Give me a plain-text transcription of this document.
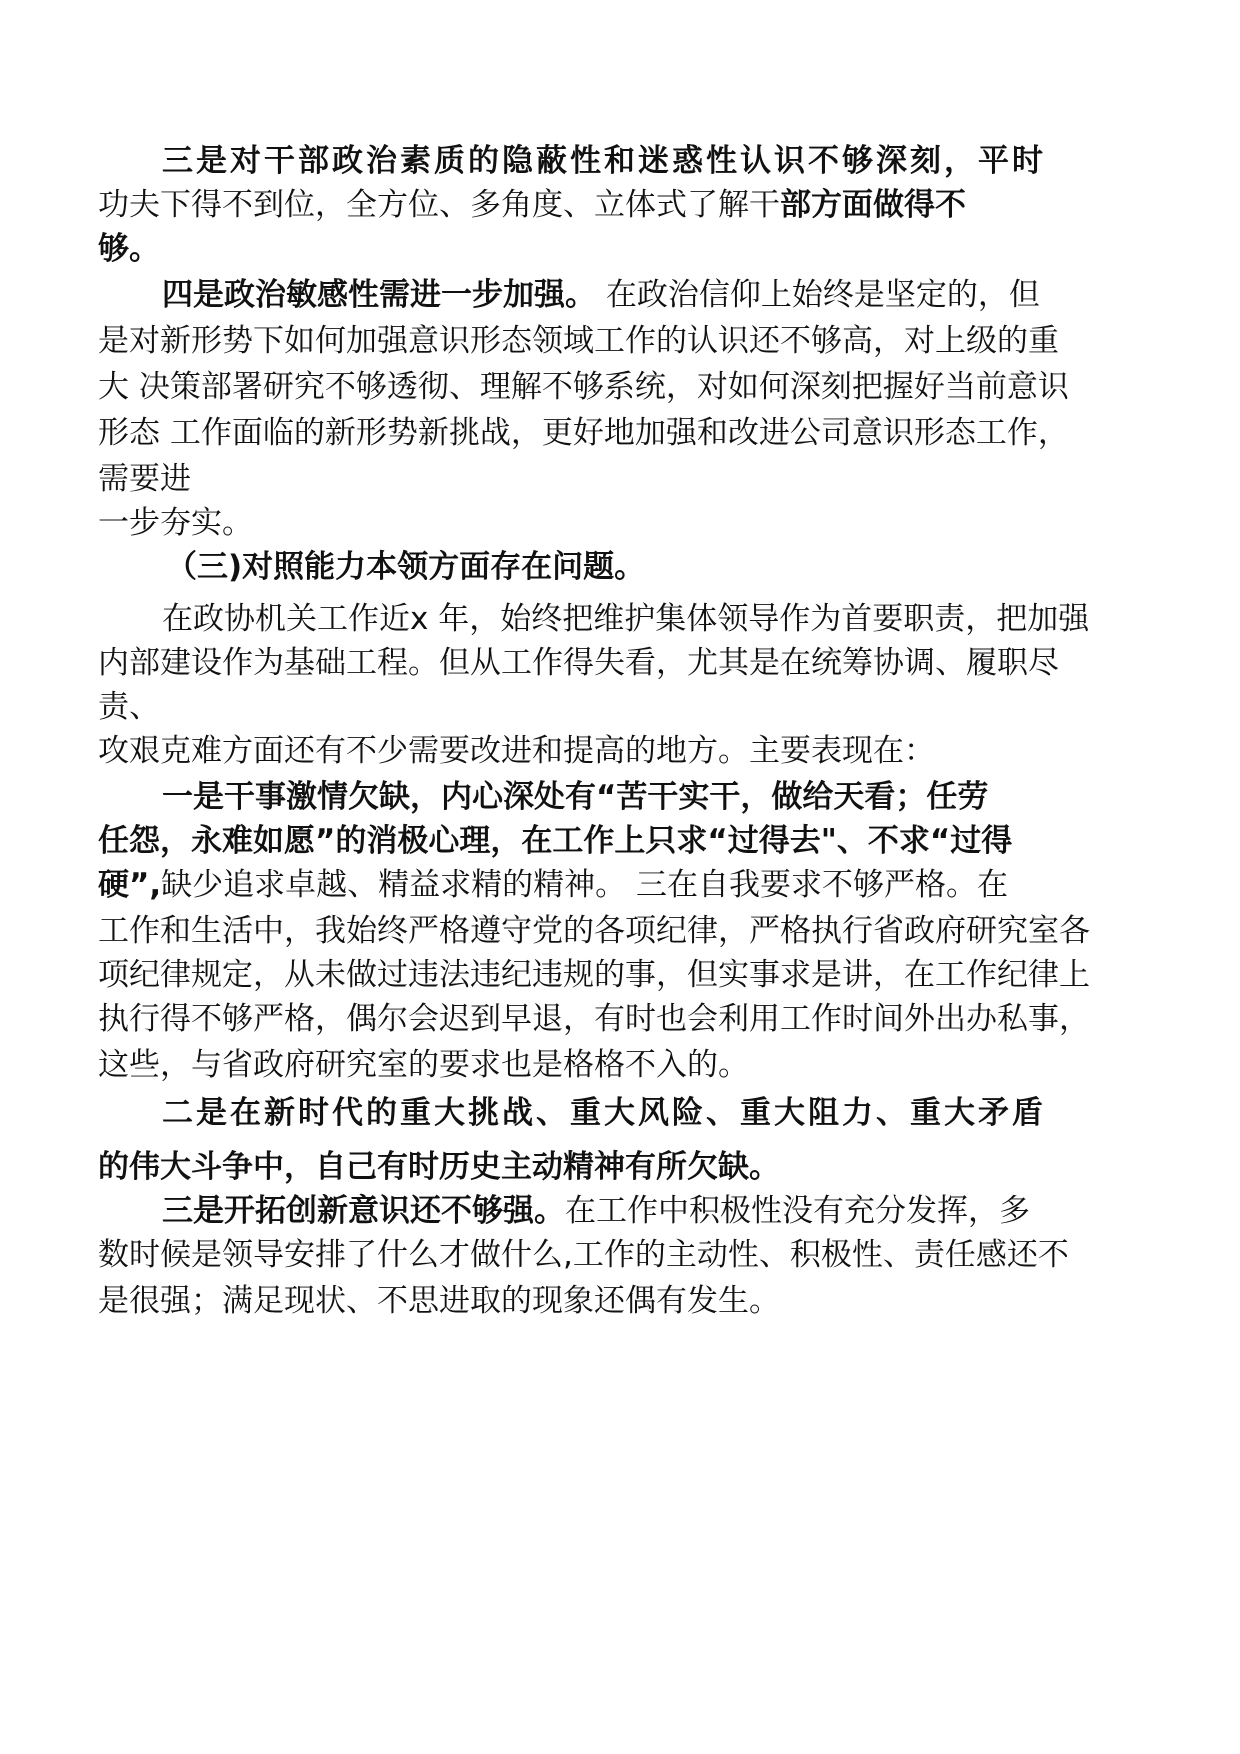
三是对干部政治素质的隐蔽性和迷惑性认识不够深刻，平时

功夫下得不到位，全方位、多角度、立体式了解干部方面做得不

够。

四是政治敏感性需进一步加强。 在政治信仰上始终是坚定的，但

是对新形势下如何加强意识形态领域工作的认识还不够高，对上级的重

大 决策部署研究不够透彻、理解不够系统，对如何深刻把握好当前意识

形态 工作面临的新形势新挑战，更好地加强和改进公司意识形态工作，

需要进

一步夯实。

（三)对照能力本领方面存在问题。

在政协机关工作近x 年，始终把维护集体领导作为首要职责，把加强

内部建设作为基础工程。但从工作得失看，尤其是在统筹协调、履职尽

责、

攻艰克难方面还有不少需要改进和提高的地方。主要表现在：

一是干事激情欠缺，内心深处有“苦干实干，做给天看；任劳

任怨，永难如愿”的消极心理，在工作上只求“过得去"、不求“过得

硬”,缺少追求卓越、精益求精的精神。 三在自我要求不够严格。在

工作和生活中，我始终严格遵守党的各项纪律，严格执行省政府研究室各

项纪律规定，从未做过违法违纪违规的事，但实事求是讲，在工作纪律上

执行得不够严格，偶尔会迟到早退，有时也会利用工作时间外出办私事，

这些，与省政府研究室的要求也是格格不入的。

二是在新时代的重大挑战、重大风险、重大阻力、重大矛盾

的伟大斗争中，自己有时历史主动精神有所欠缺。

三是开拓创新意识还不够强。在工作中积极性没有充分发挥，多

数时候是领导安排了什么才做什么,工作的主动性、积极性、责任感还不

是很强；满足现状、不思进取的现象还偶有发生。
